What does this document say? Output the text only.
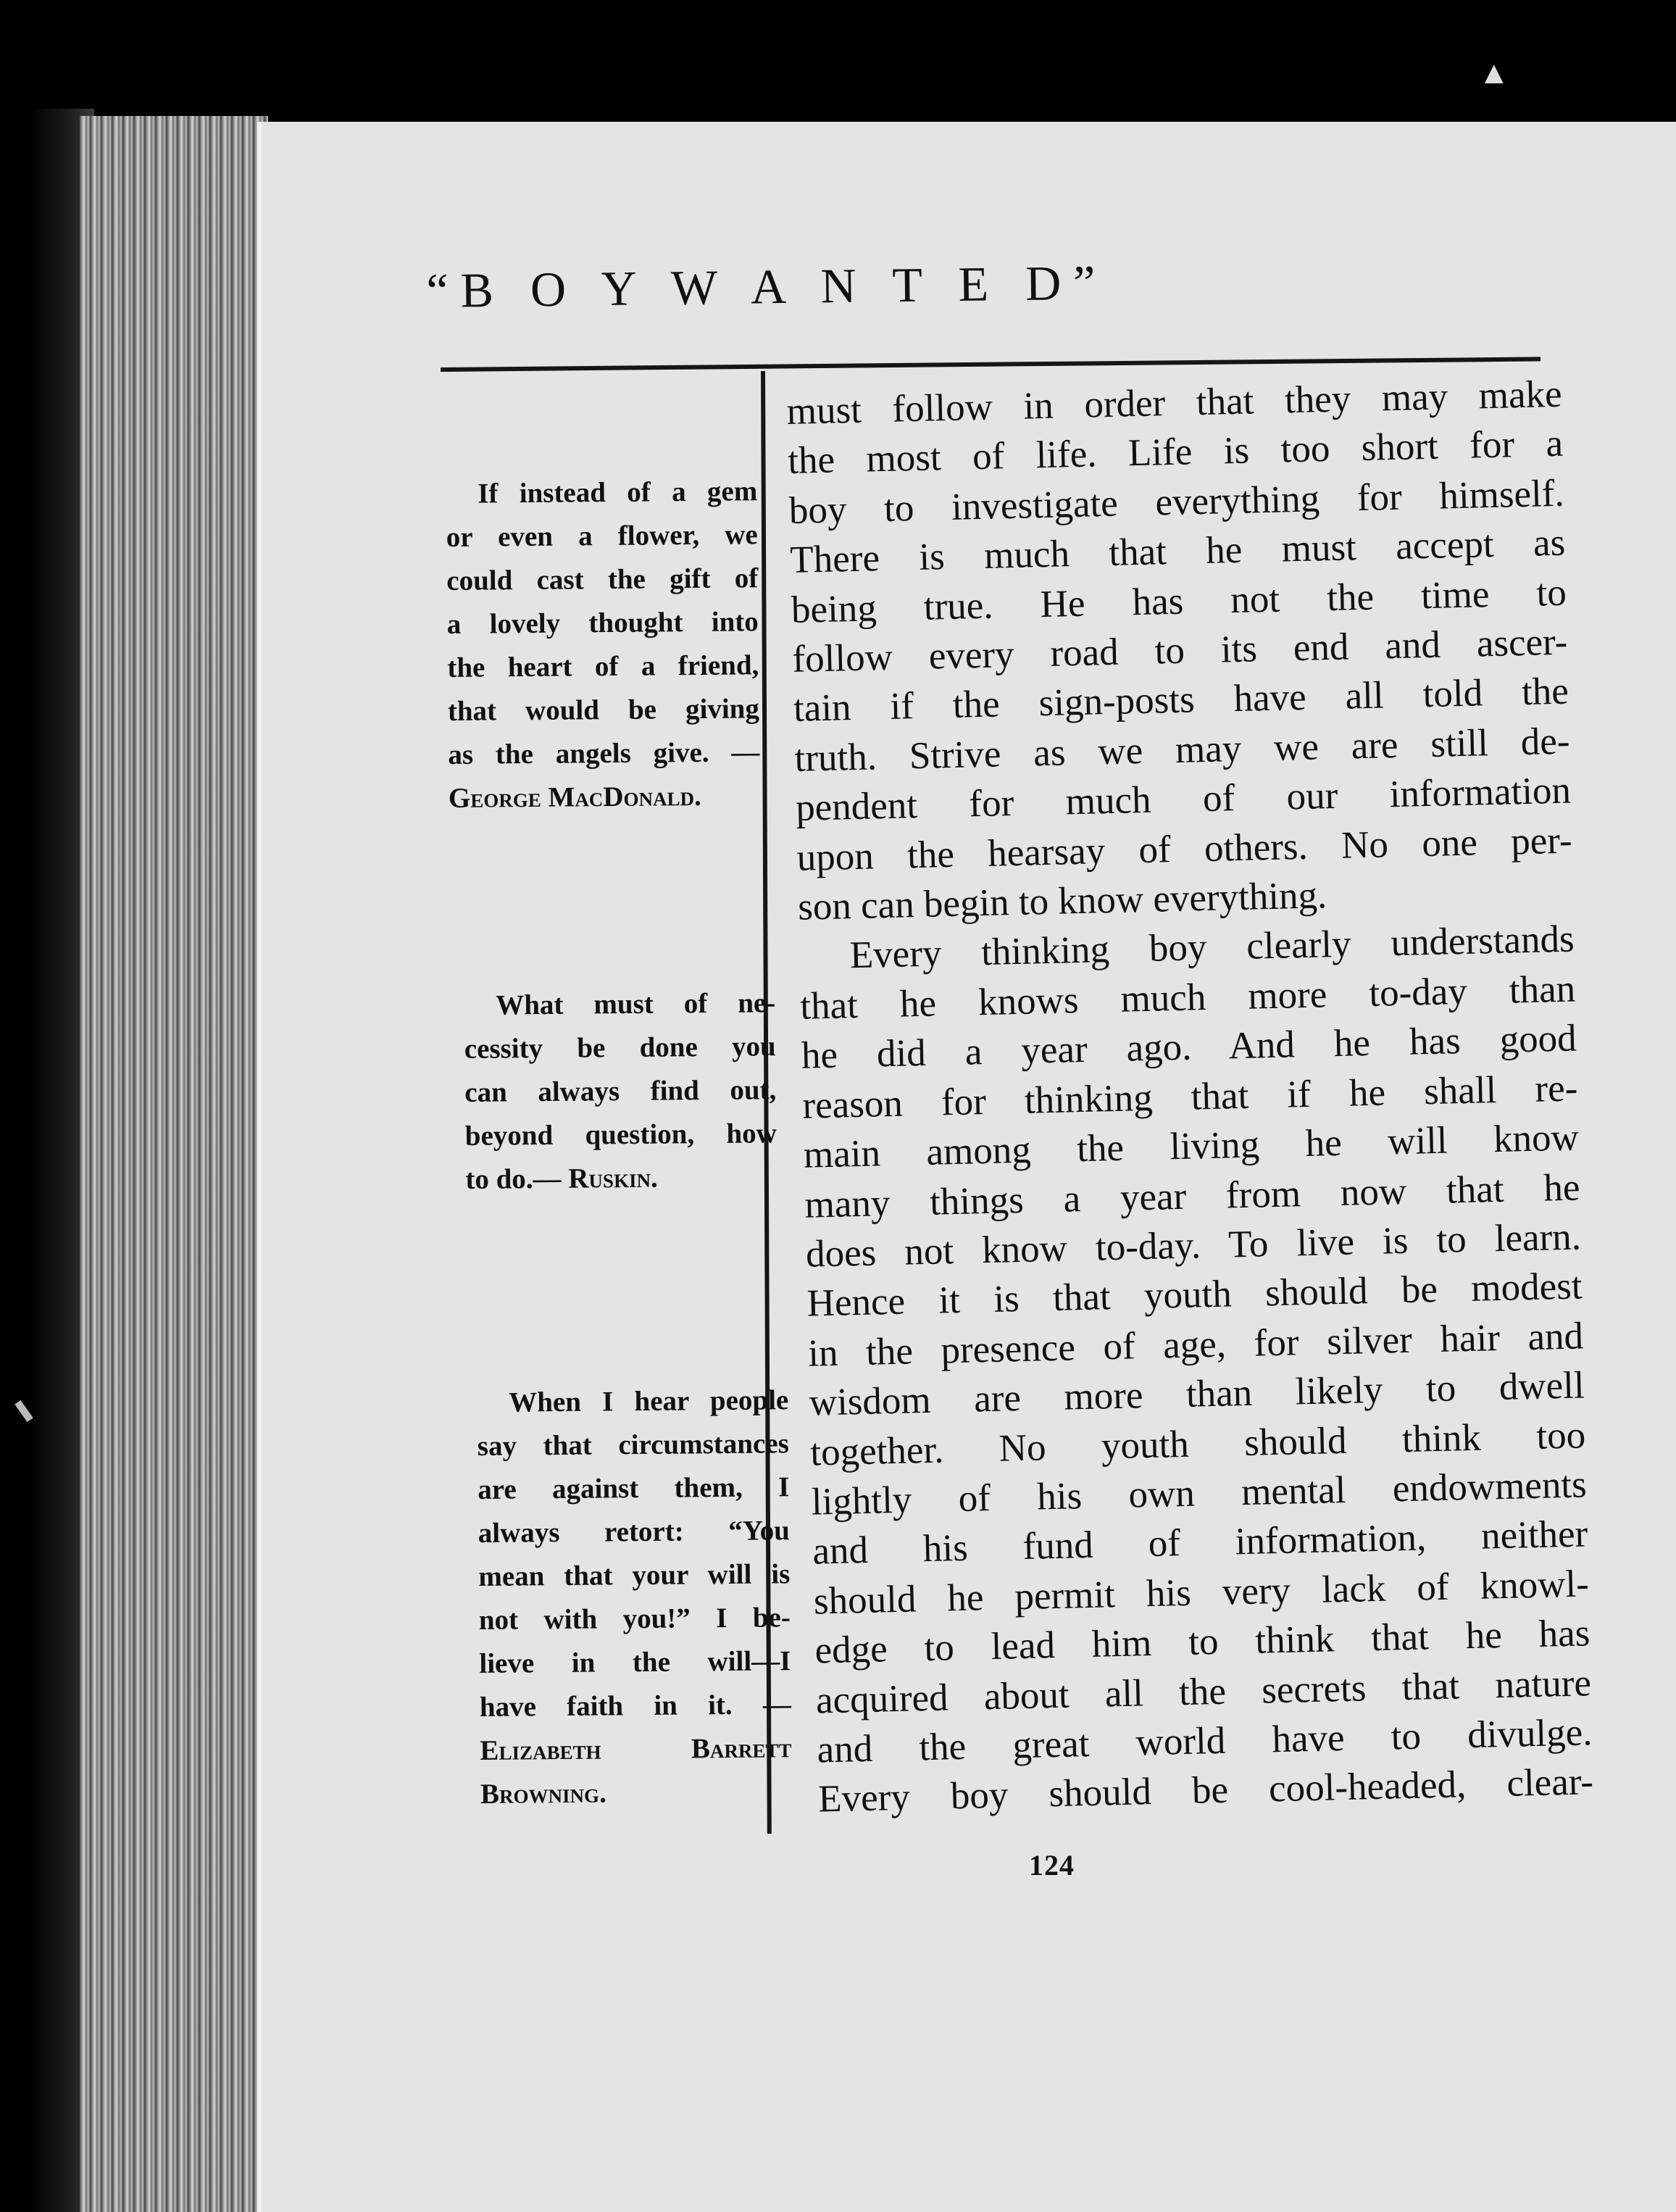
▲
“B O Y W A N T E D”
If instead of a gem
or even a flower, we
could cast the gift of
a lovely thought into
the heart of a friend,
that would be giving
as the angels give. —
George MacDonald.
What must of ne-
cessity be done you
can always find out,
beyond question, how
to do.— Ruskin.
When I hear people
say that circumstances
are against them, I
always retort: “You
mean that your will is
not with you!” I be-
lieve in the will—I
have faith in it. —
Elizabeth Barrett
Browning.
must follow in order that they may make
the most of life. Life is too short for a
boy to investigate everything for himself.
There is much that he must accept as
being true. He has not the time to
follow every road to its end and ascer-
tain if the sign-posts have all told the
truth. Strive as we may we are still de-
pendent for much of our information
upon the hearsay of others. No one per-
son can begin to know everything.
Every thinking boy clearly understands
that he knows much more to-day than
he did a year ago. And he has good
reason for thinking that if he shall re-
main among the living he will know
many things a year from now that he
does not know to-day. To live is to learn.
Hence it is that youth should be modest
in the presence of age, for silver hair and
wisdom are more than likely to dwell
together. No youth should think too
lightly of his own mental endowments
and his fund of information, neither
should he permit his very lack of knowl-
edge to lead him to think that he has
acquired about all the secrets that nature
and the great world have to divulge.
Every boy should be cool-headed, clear-
124
